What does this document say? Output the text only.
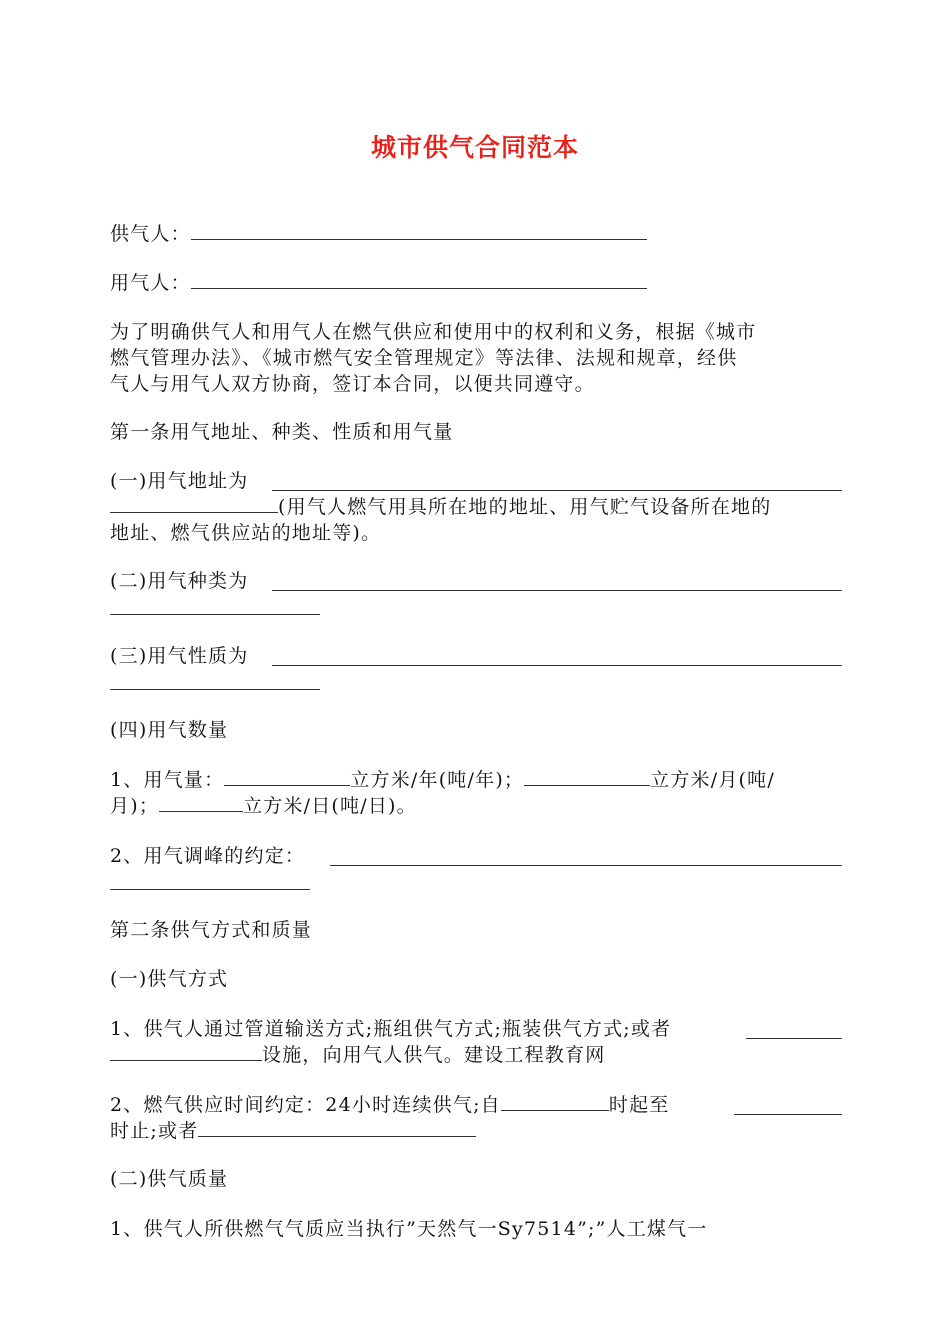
城市供气合同范本
供气人：
用气人：
为了明确供气人和用气人在燃气供应和使用中的权利和义务，根据《城市
燃气管理办法》、《城市燃气安全管理规定》等法律、法规和规章，经供
气人与用气人双方协商，签订本合同，以便共同遵守。
第一条用气地址、种类、性质和用气量
(一)用气地址为
(用气人燃气用具所在地的地址、用气贮气设备所在地的
地址、燃气供应站的地址等)。
(二)用气种类为
(三)用气性质为
(四)用气数量
1、用气量：	立方米/年(吨/年)；	立方米/月(吨/
月)；	立方米/日(吨/日)。
2、用气调峰的约定：
第二条供气方式和质量
(一)供气方式
1、供气人通过管道输送方式;瓶组供气方式;瓶装供气方式;或者
设施，向用气人供气。建设工程教育网
2、燃气供应时间约定：24小时连续供气;自	时起至
时止;或者
(二)供气质量
1、供气人所供燃气气质应当执行”天然气一Sy7514”;”人工煤气一
